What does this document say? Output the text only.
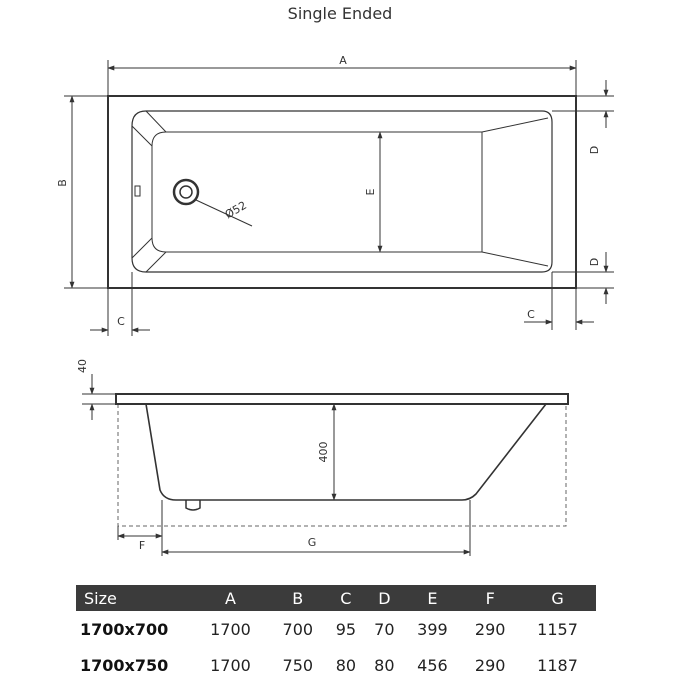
Single Ended
A
B
C
C
D
D
E
Ø52
40
400
F	G
Size	A	B	C	D	E	F	G
1700x700	1700	700	95	70	399	290	1157
1700x750	1700	750	80	80	456	290	1187
